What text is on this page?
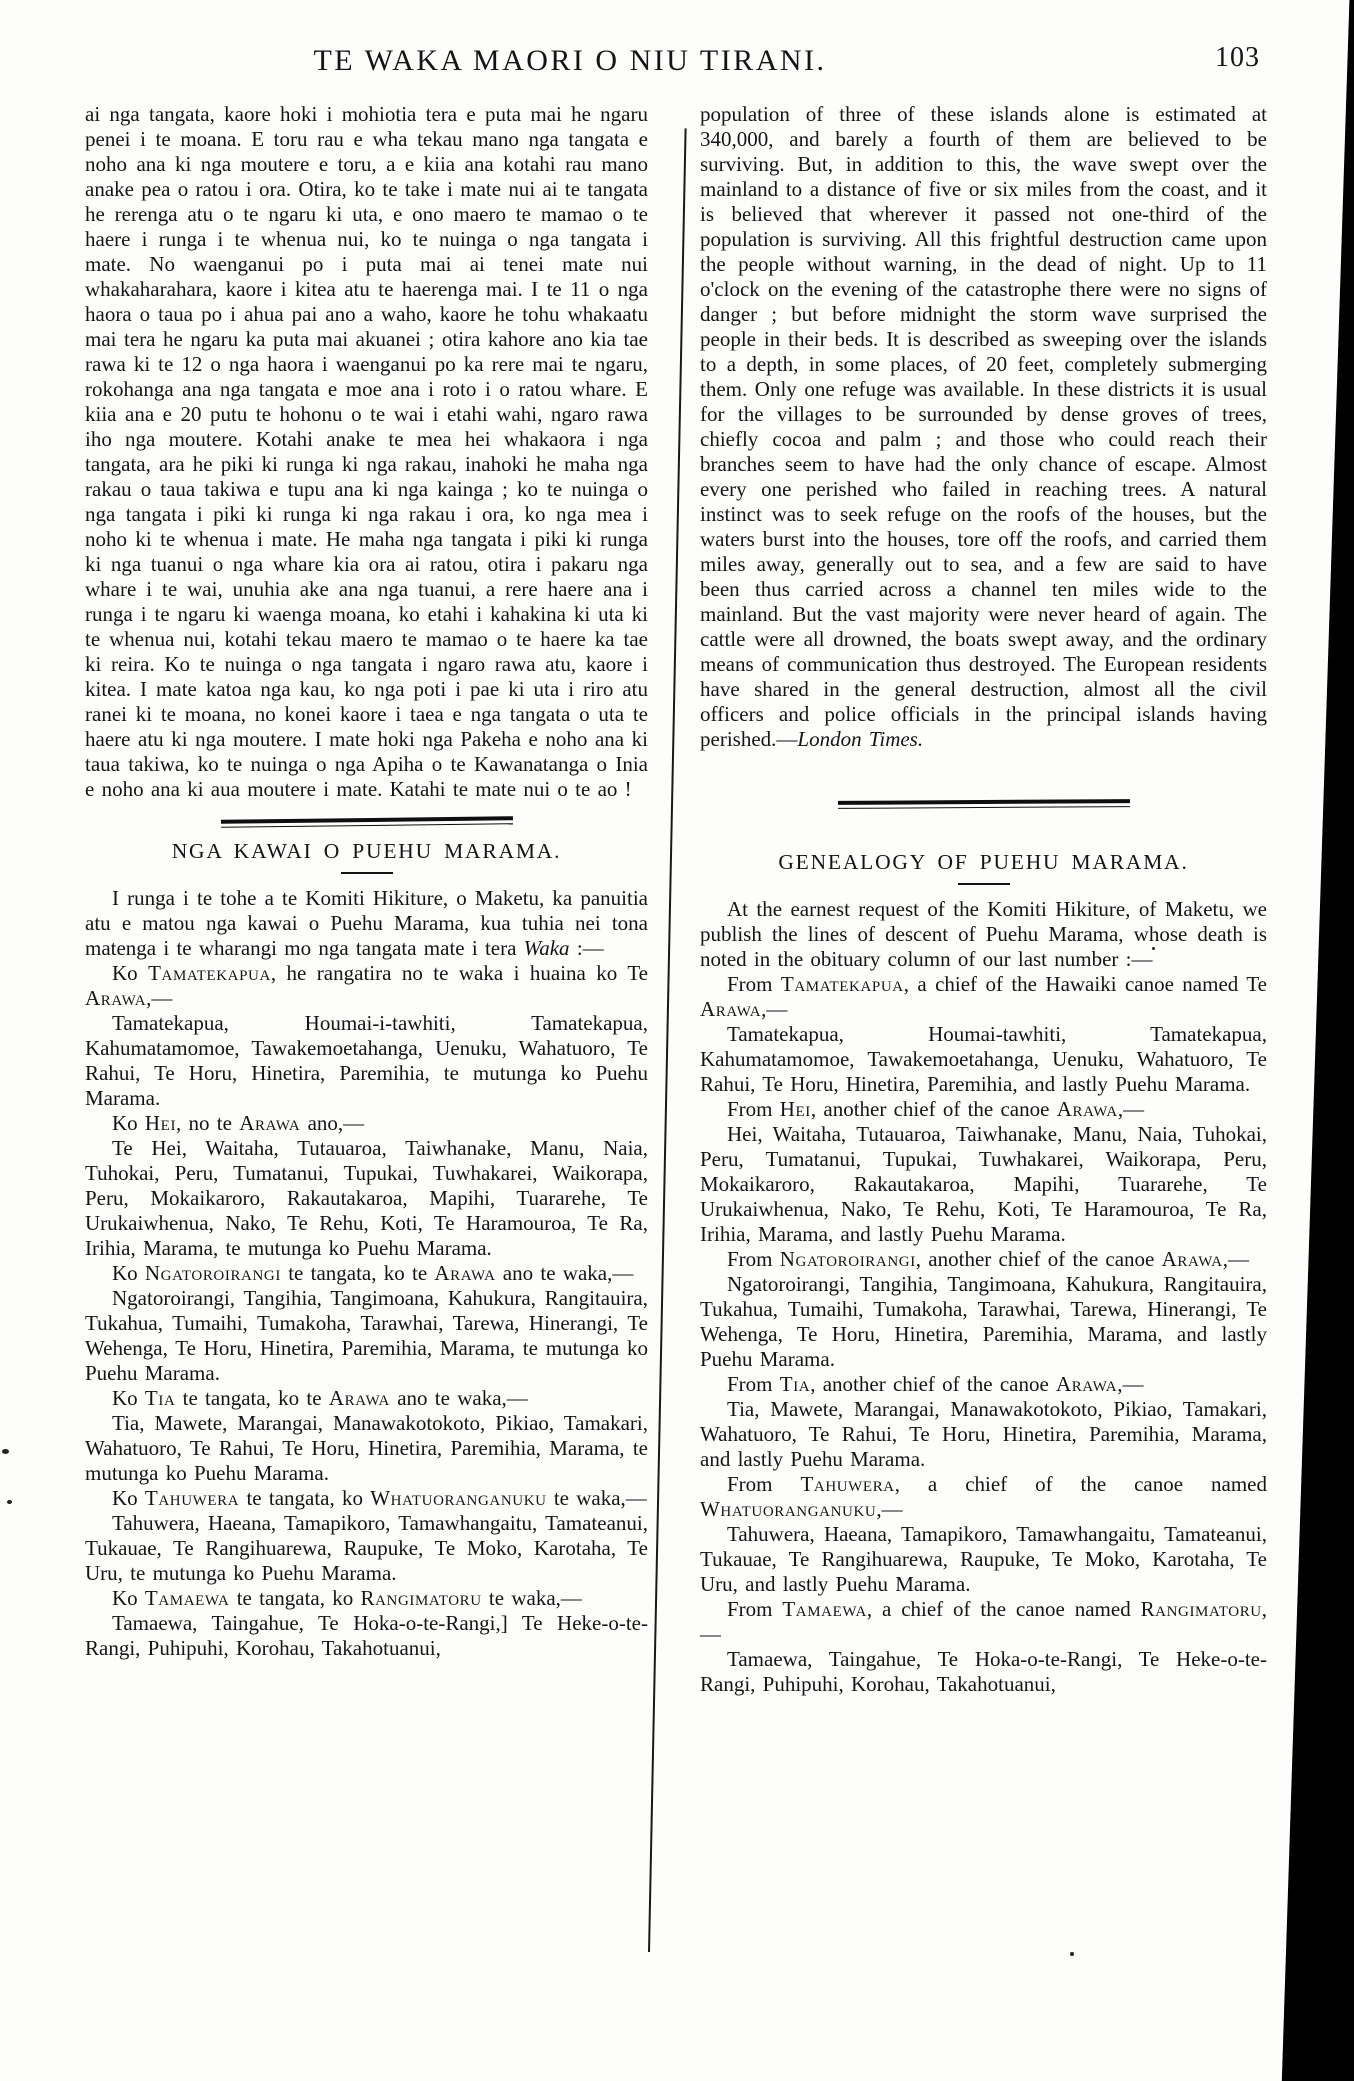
TE WAKA MAORI O NIU TIRANI.	103

ai nga tangata, kaore hoki i mohiotia tera e puta mai he ngaru penei i te moana. E toru rau e wha tekau mano nga tangata e noho ana ki nga moutere e toru, a e kiia ana kotahi rau mano anake pea o ratou i ora. Otira, ko te take i mate nui ai te tangata he rerenga atu o te ngaru ki uta, e ono maero te mamao o te haere i runga i te whenua nui, ko te nuinga o nga tangata i mate. No waenganui po i puta mai ai tenei mate nui whakaharahara, kaore i kitea atu te haerenga mai. I te 11 o nga haora o taua po i ahua pai ano a waho, kaore he tohu whakaatu mai tera he ngaru ka puta mai akuanei ; otira kahore ano kia tae rawa ki te 12 o nga haora i waenganui po ka rere mai te ngaru, rokohanga ana nga tangata e moe ana i roto i o ratou whare. E kiia ana e 20 putu te hohonu o te wai i etahi wahi, ngaro rawa iho nga moutere. Kotahi anake te mea hei whakaora i nga tangata, ara he piki ki runga ki nga rakau, inahoki he maha nga rakau o taua takiwa e tupu ana ki nga kainga ; ko te nuinga o nga tangata i piki ki runga ki nga rakau i ora, ko nga mea i noho ki te whenua i mate. He maha nga tangata i piki ki runga ki nga tuanui o nga whare kia ora ai ratou, otira i pakaru nga whare i te wai, unuhia ake ana nga tuanui, a rere haere ana i runga i te ngaru ki waenga moana, ko etahi i kahakina ki uta ki te whenua nui, kotahi tekau maero te mamao o te haere ka tae ki reira. Ko te nuinga o nga tangata i ngaro rawa atu, kaore i kitea. I mate katoa nga kau, ko nga poti i pae ki uta i riro atu ranei ki te moana, no konei kaore i taea e nga tangata o uta te haere atu ki nga moutere. I mate hoki nga Pakeha e noho ana ki taua takiwa, ko te nuinga o nga Apiha o te Kawanatanga o Inia e noho ana ki aua moutere i mate. Katahi te mate nui o te ao !

NGA KAWAI O PUEHU MARAMA.

I runga i te tohe a te Komiti Hikiture, o Maketu, ka panuitia atu e matou nga kawai o Puehu Marama, kua tuhia nei tona matenga i te wharangi mo nga tangata mate i tera Waka :—

Ko Tamatekapua, he rangatira no te waka i huaina ko Te Arawa,—

Tamatekapua, Houmai-i-tawhiti, Tamatekapua, Kahumatamomoe, Tawakemoetahanga, Uenuku, Wahatuoro, Te Rahui, Te Horu, Hinetira, Paremihia, te mutunga ko Puehu Marama.

Ko Hei, no te Arawa ano,—

Te Hei, Waitaha, Tutauaroa, Taiwhanake, Manu, Naia, Tuhokai, Peru, Tumatanui, Tupukai, Tuwhakarei, Waikorapa, Peru, Mokaikaroro, Rakautakaroa, Mapihi, Tuararehe, Te Urukaiwhenua, Nako, Te Rehu, Koti, Te Haramouroa, Te Ra, Irihia, Marama, te mutunga ko Puehu Marama.

Ko Ngatoroirangi te tangata, ko te Arawa ano te waka,—

Ngatoroirangi, Tangihia, Tangimoana, Kahukura, Rangitauira, Tukahua, Tumaihi, Tumakoha, Tarawhai, Tarewa, Hinerangi, Te Wehenga, Te Horu, Hinetira, Paremihia, Marama, te mutunga ko Puehu Marama.

Ko Tia te tangata, ko te Arawa ano te waka,—

Tia, Mawete, Marangai, Manawakotokoto, Pikiao, Tamakari, Wahatuoro, Te Rahui, Te Horu, Hinetira, Paremihia, Marama, te mutunga ko Puehu Marama.

Ko Tahuwera te tangata, ko Whatuoranganuku te waka,—

Tahuwera, Haeana, Tamapikoro, Tamawhangaitu, Tamateanui, Tukauae, Te Rangihuarewa, Raupuke, Te Moko, Karotaha, Te Uru, te mutunga ko Puehu Marama.

Ko Tamaewa te tangata, ko Rangimatoru te waka,—

Tamaewa, Taingahue, Te Hoka-o-te-Rangi,] Te Heke-o-te-Rangi, Puhipuhi, Korohau, Takahotuanui,

population of three of these islands alone is estimated at 340,000, and barely a fourth of them are believed to be surviving. But, in addition to this, the wave swept over the mainland to a distance of five or six miles from the coast, and it is believed that wherever it passed not one-third of the population is surviving. All this frightful destruction came upon the people without warning, in the dead of night. Up to 11 o'clock on the evening of the catastrophe there were no signs of danger ; but before midnight the storm wave surprised the people in their beds. It is described as sweeping over the islands to a depth, in some places, of 20 feet, completely submerging them. Only one refuge was available. In these districts it is usual for the villages to be surrounded by dense groves of trees, chiefly cocoa and palm ; and those who could reach their branches seem to have had the only chance of escape. Almost every one perished who failed in reaching trees. A natural instinct was to seek refuge on the roofs of the houses, but the waters burst into the houses, tore off the roofs, and carried them miles away, generally out to sea, and a few are said to have been thus carried across a channel ten miles wide to the mainland. But the vast majority were never heard of again. The cattle were all drowned, the boats swept away, and the ordinary means of communication thus destroyed. The European residents have shared in the general destruction, almost all the civil officers and police officials in the principal islands having perished.—London Times.

GENEALOGY OF PUEHU MARAMA.

At the earnest request of the Komiti Hikiture, of Maketu, we publish the lines of descent of Puehu Marama, whose death is noted in the obituary column of our last number :—

From Tamatekapua, a chief of the Hawaiki canoe named Te Arawa,—

Tamatekapua, Houmai-tawhiti, Tamatekapua, Kahumatamomoe, Tawakemoetahanga, Uenuku, Wahatuoro, Te Rahui, Te Horu, Hinetira, Paremihia, and lastly Puehu Marama.

From Hei, another chief of the canoe Arawa,—

Hei, Waitaha, Tutauaroa, Taiwhanake, Manu, Naia, Tuhokai, Peru, Tumatanui, Tupukai, Tuwhakarei, Waikorapa, Peru, Mokaikaroro, Rakautakaroa, Mapihi, Tuararehe, Te Urukaiwhenua, Nako, Te Rehu, Koti, Te Haramouroa, Te Ra, Irihia, Marama, and lastly Puehu Marama.

From Ngatoroirangi, another chief of the canoe Arawa,—

Ngatoroirangi, Tangihia, Tangimoana, Kahukura, Rangitauira, Tukahua, Tumaihi, Tumakoha, Tarawhai, Tarewa, Hinerangi, Te Wehenga, Te Horu, Hinetira, Paremihia, Marama, and lastly Puehu Marama.

From Tia, another chief of the canoe Arawa,—

Tia, Mawete, Marangai, Manawakotokoto, Pikiao, Tamakari, Wahatuoro, Te Rahui, Te Horu, Hinetira, Paremihia, Marama, and lastly Puehu Marama.

From Tahuwera, a chief of the canoe named Whatuoranganuku,—

Tahuwera, Haeana, Tamapikoro, Tamawhangaitu, Tamateanui, Tukauae, Te Rangihuarewa, Raupuke, Te Moko, Karotaha, Te Uru, and lastly Puehu Marama.

From Tamaewa, a chief of the canoe named Rangimatoru,—

Tamaewa, Taingahue, Te Hoka-o-te-Rangi, Te Heke-o-te-Rangi, Puhipuhi, Korohau, Takahotuanui,
